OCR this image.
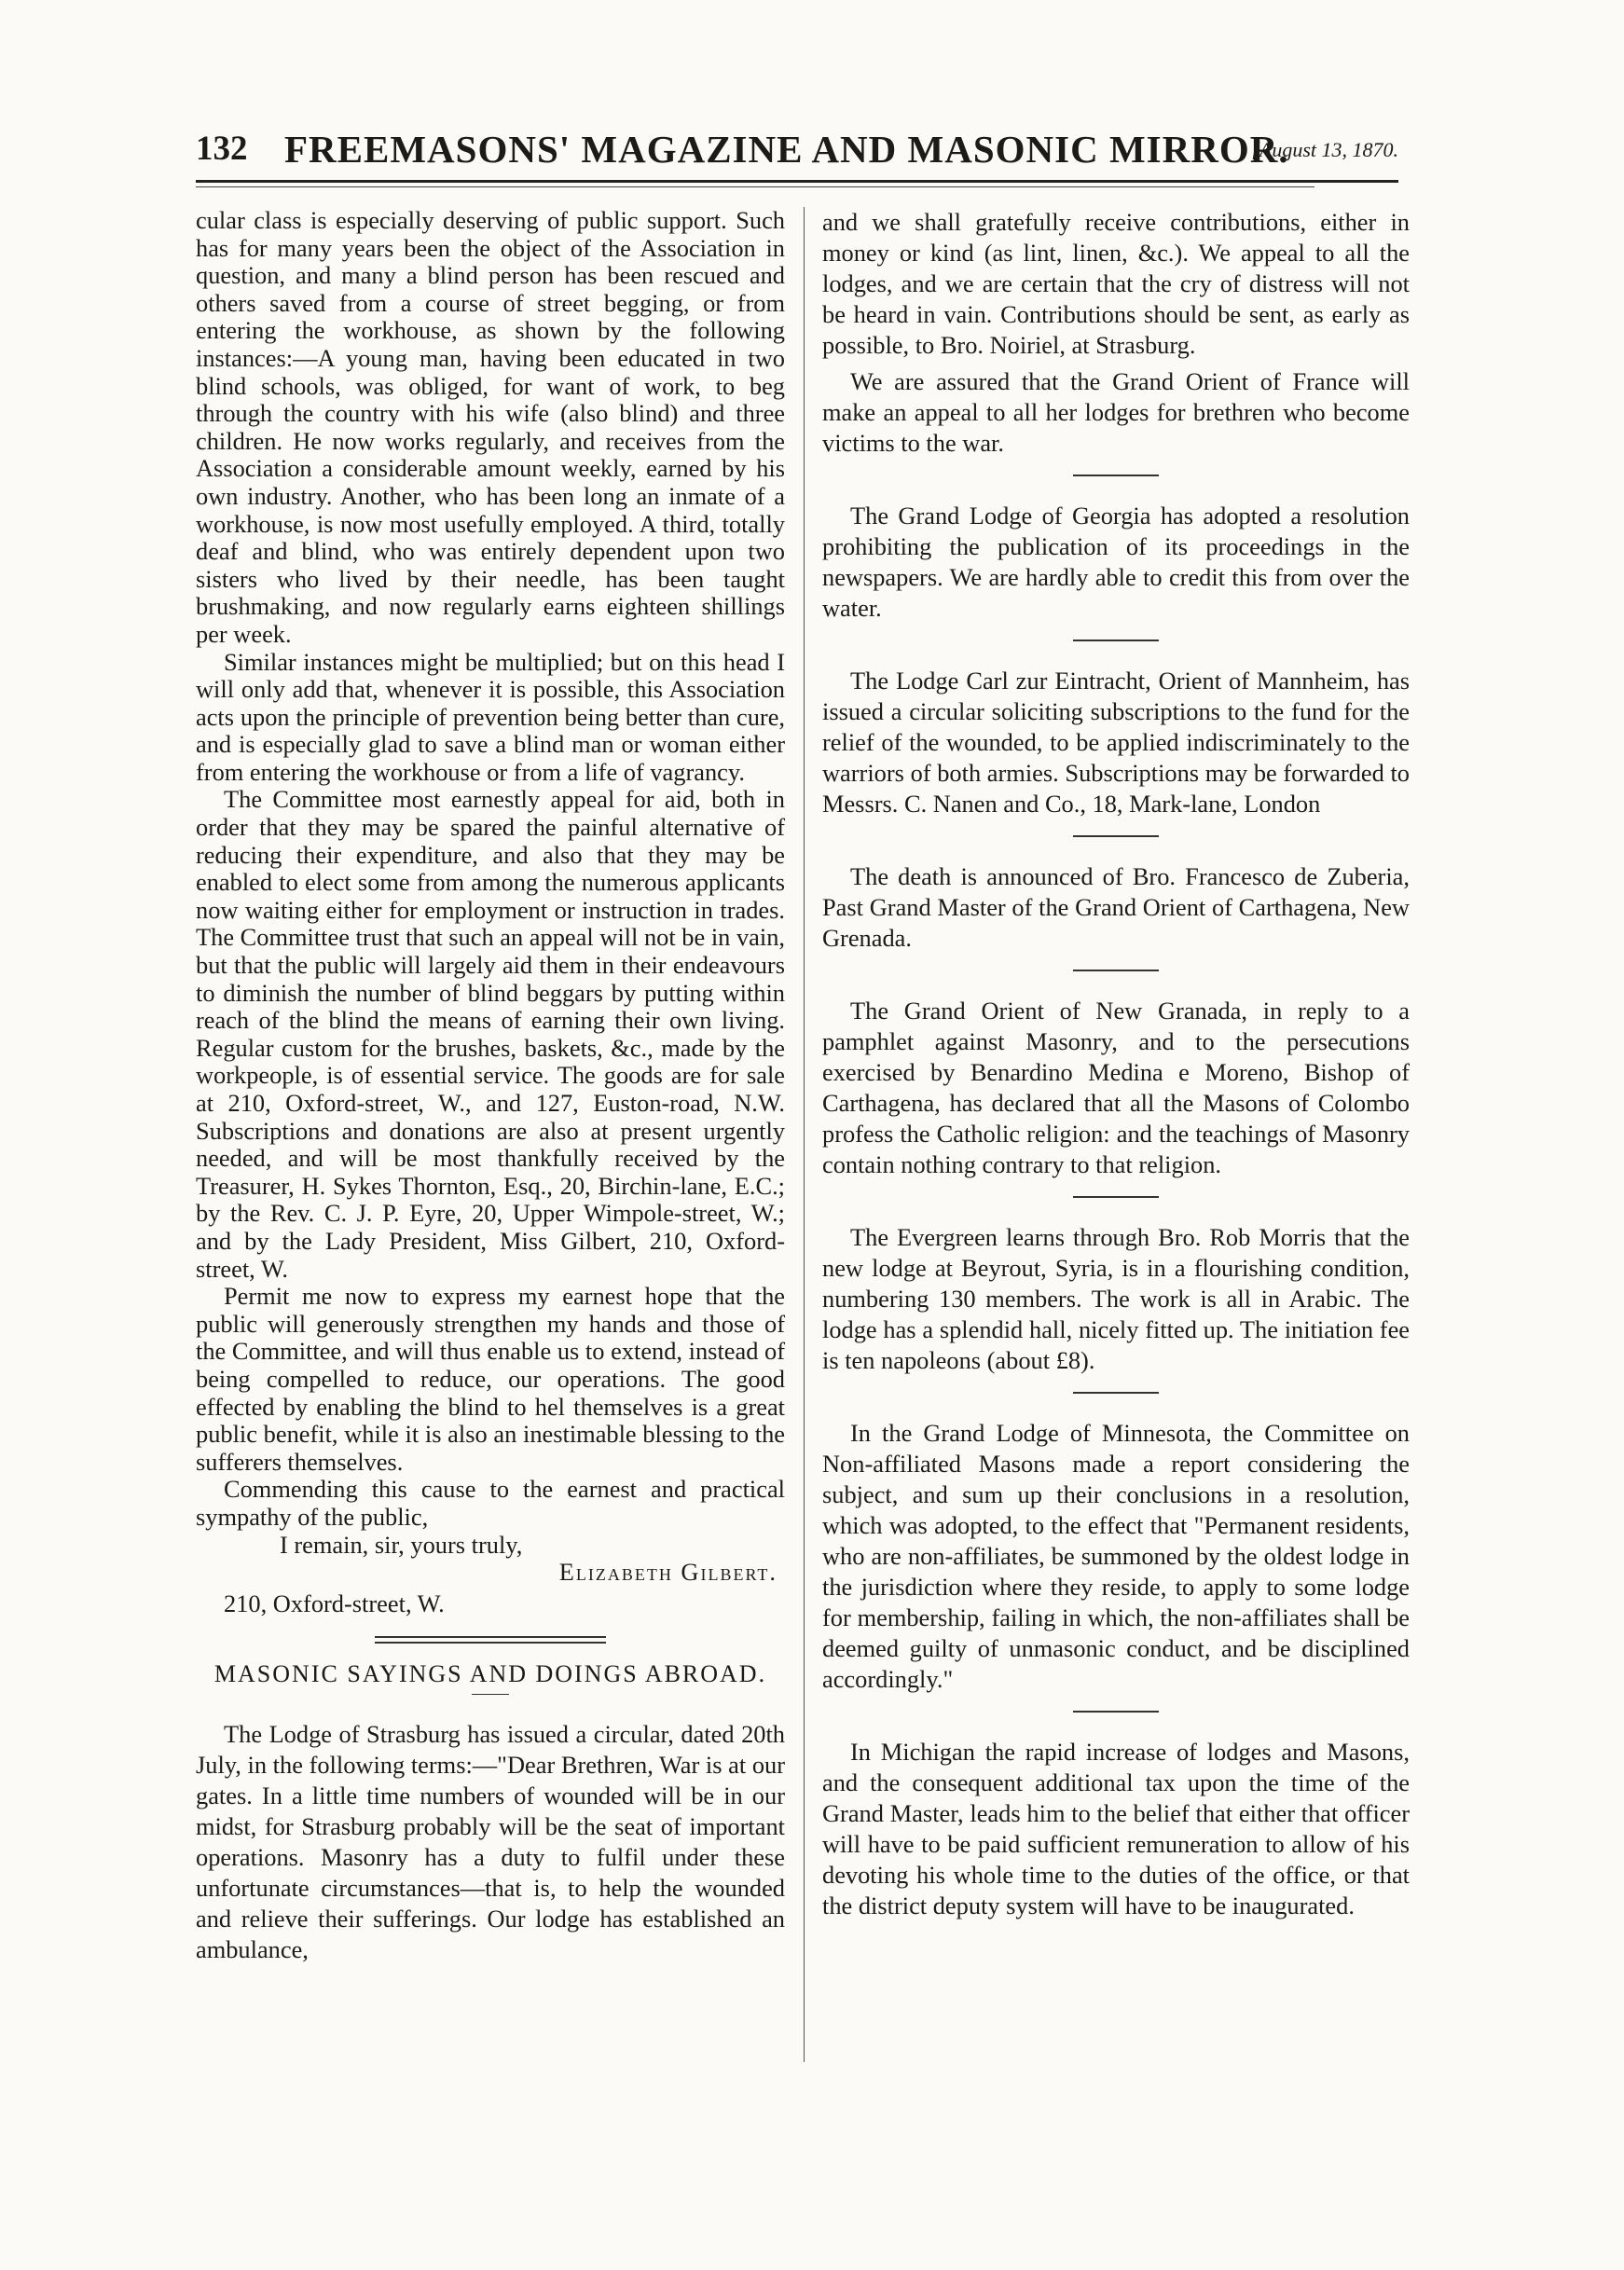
132 FREEMASONS' MAGAZINE AND MASONIC MIRROR.
[August 13, 1870.

cular class is especially deserving of public support. Such has for many years been the object of the Association in question, and many a blind person has been rescued and others saved from a course of street begging, or from entering the workhouse, as shown by the following instances:—A young man, having been educated in two blind schools, was obliged, for want of work, to beg through the country with his wife (also blind) and three children. He now works regularly, and receives from the Association a considerable amount weekly, earned by his own industry. Another, who has been long an inmate of a workhouse, is now most usefully employed. A third, totally deaf and blind, who was entirely dependent upon two sisters who lived by their needle, has been taught brushmaking, and now regularly earns eighteen shillings per week.

Similar instances might be multiplied; but on this head I will only add that, whenever it is possible, this Association acts upon the principle of prevention being better than cure, and is especially glad to save a blind man or woman either from entering the workhouse or from a life of vagrancy.

The Committee most earnestly appeal for aid, both in order that they may be spared the painful alternative of reducing their expenditure, and also that they may be enabled to elect some from among the numerous applicants now waiting either for employment or instruction in trades. The Committee trust that such an appeal will not be in vain, but that the public will largely aid them in their endeavours to diminish the number of blind beggars by putting within reach of the blind the means of earning their own living. Regular custom for the brushes, baskets, &c., made by the workpeople, is of essential service. The goods are for sale at 210, Oxford-street, W., and 127, Euston-road, N.W. Subscriptions and donations are also at present urgently needed, and will be most thankfully received by the Treasurer, H. Sykes Thornton, Esq., 20, Birchin-lane, E.C.; by the Rev. C. J. P. Eyre, 20, Upper Wimpole-street, W.; and by the Lady President, Miss Gilbert, 210, Oxford-street, W.

Permit me now to express my earnest hope that the public will generously strengthen my hands and those of the Committee, and will thus enable us to extend, instead of being compelled to reduce, our operations. The good effected by enabling the blind to hel themselves is a great public benefit, while it is also an inestimable blessing to the sufferers themselves.

Commending this cause to the earnest and practical sympathy of the public,

I remain, sir, yours truly,
Elizabeth Gilbert.
210, Oxford-street, W.
MASONIC SAYINGS AND DOINGS ABROAD.

The Lodge of Strasburg has issued a circular, dated 20th July, in the following terms:—"Dear Brethren, War is at our gates. In a little time numbers of wounded will be in our midst, for Strasburg probably will be the seat of important operations. Masonry has a duty to fulfil under these unfortunate circumstances—that is, to help the wounded and relieve their sufferings. Our lodge has established an ambulance,

and we shall gratefully receive contributions, either in money or kind (as lint, linen, &c.). We appeal to all the lodges, and we are certain that the cry of distress will not be heard in vain. Contributions should be sent, as early as possible, to Bro. Noiriel, at Strasburg.

We are assured that the Grand Orient of France will make an appeal to all her lodges for brethren who become victims to the war.

The Grand Lodge of Georgia has adopted a resolution prohibiting the publication of its proceedings in the newspapers. We are hardly able to credit this from over the water.

The Lodge Carl zur Eintracht, Orient of Mannheim, has issued a circular soliciting subscriptions to the fund for the relief of the wounded, to be applied indiscriminately to the warriors of both armies. Subscriptions may be forwarded to Messrs. C. Nanen and Co., 18, Mark-lane, London

The death is announced of Bro. Francesco de Zuberia, Past Grand Master of the Grand Orient of Carthagena, New Grenada.

The Grand Orient of New Granada, in reply to a pamphlet against Masonry, and to the persecutions exercised by Benardino Medina e Moreno, Bishop of Carthagena, has declared that all the Masons of Colombo profess the Catholic religion: and the teachings of Masonry contain nothing contrary to that religion.

The Evergreen learns through Bro. Rob Morris that the new lodge at Beyrout, Syria, is in a flourishing condition, numbering 130 members. The work is all in Arabic. The lodge has a splendid hall, nicely fitted up. The initiation fee is ten napoleons (about £8).

In the Grand Lodge of Minnesota, the Committee on Non-affiliated Masons made a report considering the subject, and sum up their conclusions in a resolution, which was adopted, to the effect that "Permanent residents, who are non-affiliates, be summoned by the oldest lodge in the jurisdiction where they reside, to apply to some lodge for membership, failing in which, the non-affiliates shall be deemed guilty of unmasonic conduct, and be disciplined accordingly."

In Michigan the rapid increase of lodges and Masons, and the consequent additional tax upon the time of the Grand Master, leads him to the belief that either that officer will have to be paid sufficient remuneration to allow of his devoting his whole time to the duties of the office, or that the district deputy system will have to be inaugurated.
